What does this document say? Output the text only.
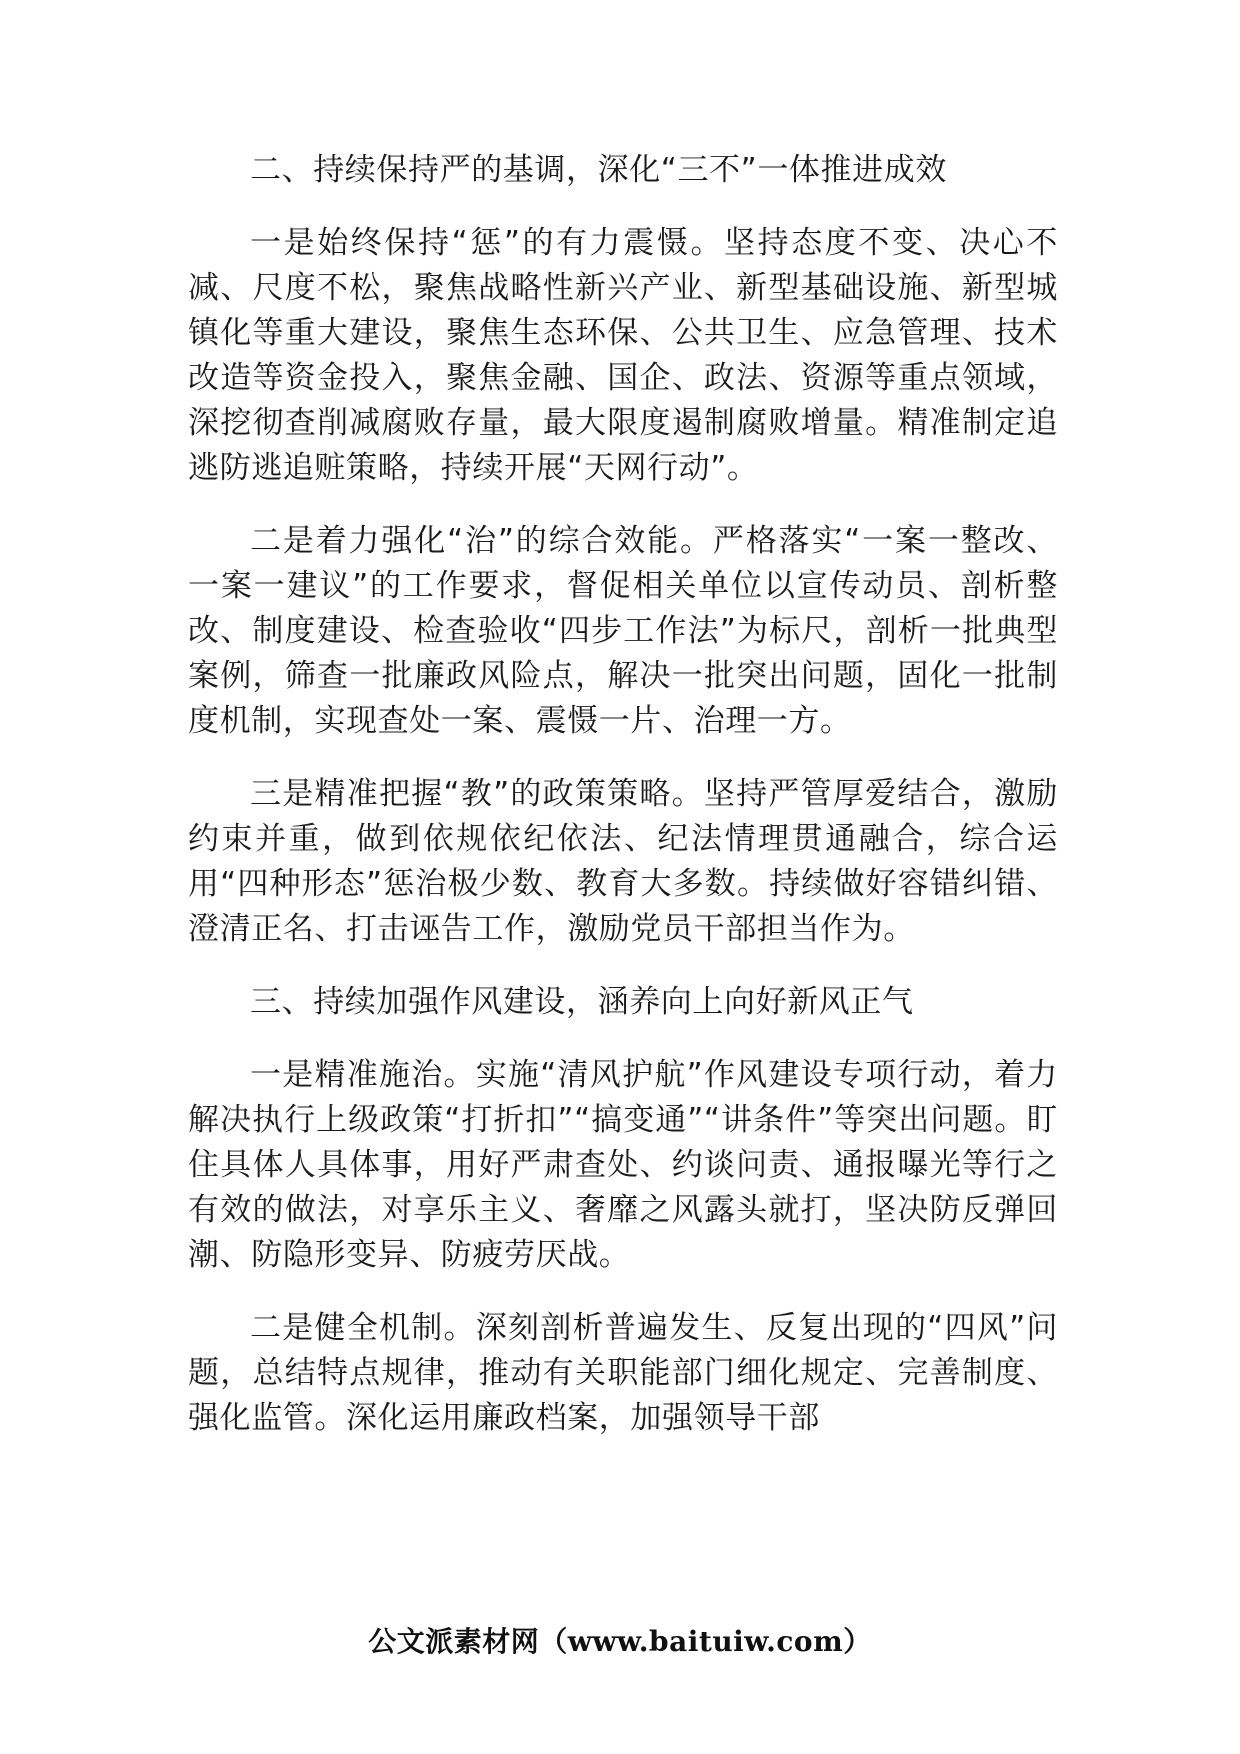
二、持续保持严的基调，深化“三不”一体推进成效

一是始终保持“惩”的有力震慑。坚持态度不变、决心不减、尺度不松，聚焦战略性新兴产业、新型基础设施、新型城镇化等重大建设，聚焦生态环保、公共卫生、应急管理、技术改造等资金投入，聚焦金融、国企、政法、资源等重点领域，深挖彻查削减腐败存量，最大限度遏制腐败增量。精准制定追逃防逃追赃策略，持续开展“天网行动”。

二是着力强化“治”的综合效能。严格落实“一案一整改、一案一建议”的工作要求，督促相关单位以宣传动员、剖析整改、制度建设、检查验收“四步工作法”为标尺，剖析一批典型案例，筛查一批廉政风险点，解决一批突出问题，固化一批制度机制，实现查处一案、震慑一片、治理一方。

三是精准把握“教”的政策策略。坚持严管厚爱结合，激励约束并重，做到依规依纪依法、纪法情理贯通融合，综合运用“四种形态”惩治极少数、教育大多数。持续做好容错纠错、澄清正名、打击诬告工作，激励党员干部担当作为。

三、持续加强作风建设，涵养向上向好新风正气

一是精准施治。实施“清风护航”作风建设专项行动，着力解决执行上级政策“打折扣”“搞变通”“讲条件”等突出问题。盯住具体人具体事，用好严肃查处、约谈问责、通报曝光等行之有效的做法，对享乐主义、奢靡之风露头就打，坚决防反弹回潮、防隐形变异、防疲劳厌战。

二是健全机制。深刻剖析普遍发生、反复出现的“四风”问题，总结特点规律，推动有关职能部门细化规定、完善制度、强化监管。深化运用廉政档案，加强领导干部

公文派素材网（www.baituiw.com）
